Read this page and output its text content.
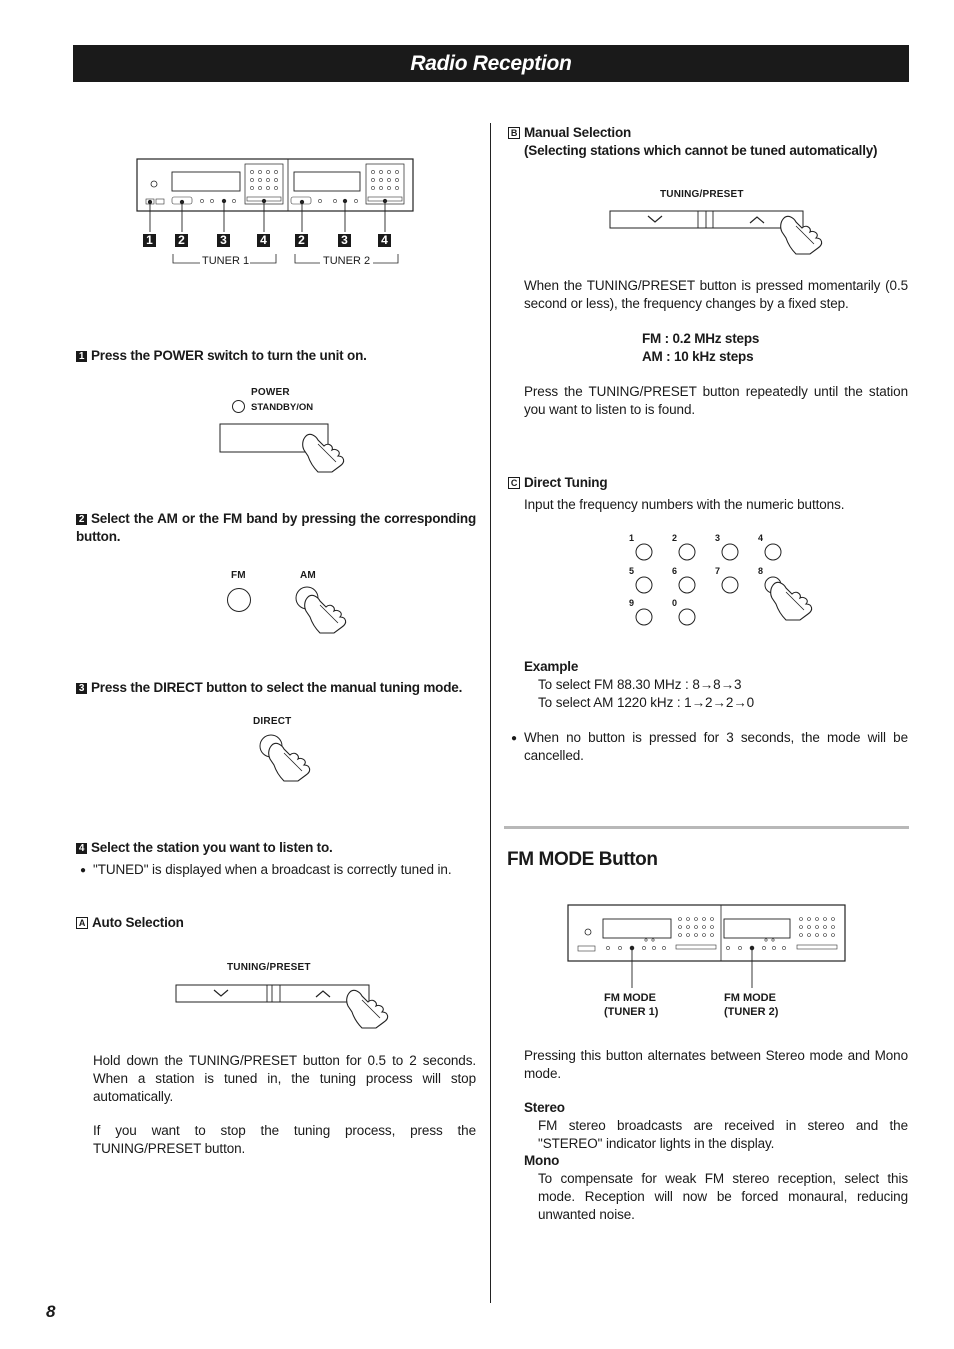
Radio Reception
1	2	3	4	2	3	4
TUNER 1	TUNER 2
1 Press the POWER switch to turn the unit on.
POWER
STANDBY/ON
2 Select the AM or the FM band by pressing the corresponding button.
FM	AM
3 Press the DIRECT button to select the manual tuning mode.
DIRECT
4 Select the station you want to listen to.
● "TUNED" is displayed when a broadcast is correctly tuned in.
A Auto Selection
TUNING/PRESET
Hold down the TUNING/PRESET button for 0.5 to 2 seconds. When a station is tuned in, the tuning process will stop automatically.
If you want to stop the tuning process, press the TUNING/PRESET button.
B Manual Selection
(Selecting stations which cannot be tuned automatically)
TUNING/PRESET
When the TUNING/PRESET button is pressed momentarily (0.5 second or less), the frequency changes by a fixed step.
FM : 0.2 MHz steps
AM : 10 kHz steps
Press the TUNING/PRESET button repeatedly until the station you want to listen to is found.
C Direct Tuning
Input the frequency numbers with the numeric buttons.
1	2	3	4
5	6	7	8
9	0
Example
To select FM 88.30 MHz : 8→8→3
To select AM 1220 kHz : 1→2→2→0
● When no button is pressed for 3 seconds, the mode will be cancelled.
FM MODE Button
FM MODE
(TUNER 1)
FM MODE
(TUNER 2)
Pressing this button alternates between Stereo mode and Mono mode.
Stereo
FM stereo broadcasts are received in stereo and the "STEREO" indicator lights in the display.
Mono
To compensate for weak FM stereo reception, select this mode. Reception will now be forced monaural, reducing unwanted noise.
8
